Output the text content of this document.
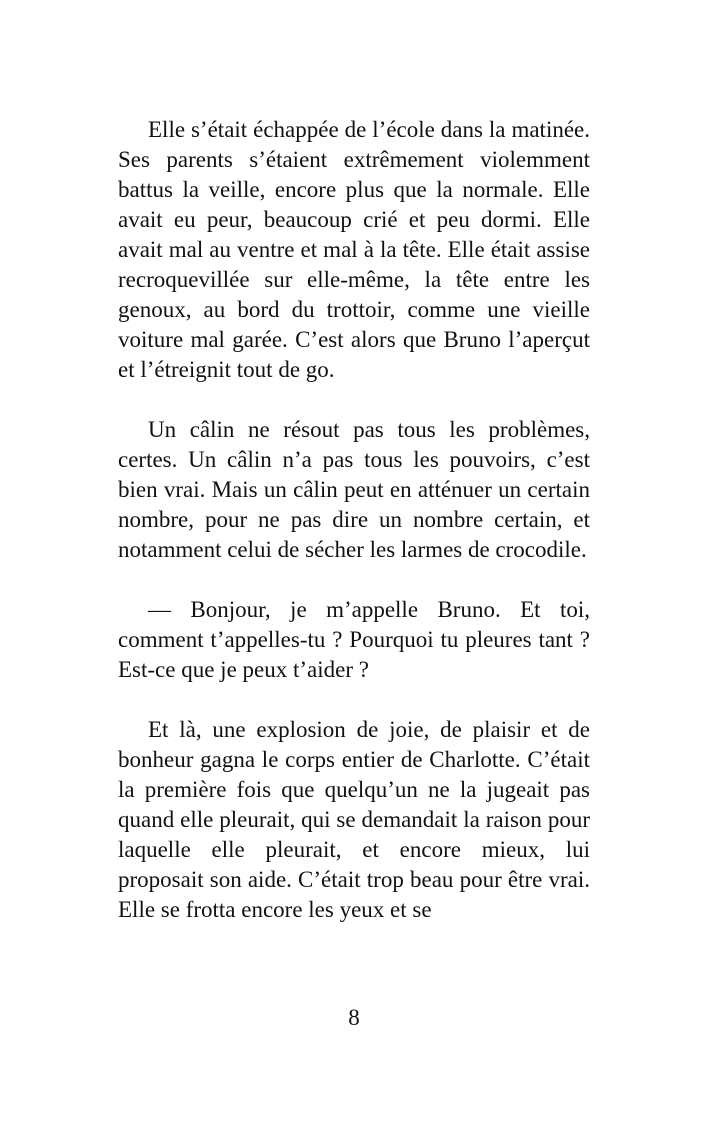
Elle s’était échappée de l’école dans la matinée. Ses parents s’étaient extrêmement violemment battus la veille, encore plus que la normale. Elle avait eu peur, beaucoup crié et peu dormi. Elle avait mal au ventre et mal à la tête. Elle était assise recroquevillée sur elle-même, la tête entre les genoux, au bord du trottoir, comme une vieille voiture mal garée. C’est alors que Bruno l’aperçut et l’étreignit tout de go.

Un câlin ne résout pas tous les problèmes, certes. Un câlin n’a pas tous les pouvoirs, c’est bien vrai. Mais un câlin peut en atténuer un certain nombre, pour ne pas dire un nombre certain, et notamment celui de sécher les larmes de crocodile.

— Bonjour, je m’appelle Bruno. Et toi, comment t’appelles-tu ? Pourquoi tu pleures tant ? Est-ce que je peux t’aider ?

Et là, une explosion de joie, de plaisir et de bonheur gagna le corps entier de Charlotte. C’était la première fois que quelqu’un ne la jugeait pas quand elle pleurait, qui se demandait la raison pour laquelle elle pleurait, et encore mieux, lui proposait son aide. C’était trop beau pour être vrai. Elle se frotta encore les yeux et se

8
